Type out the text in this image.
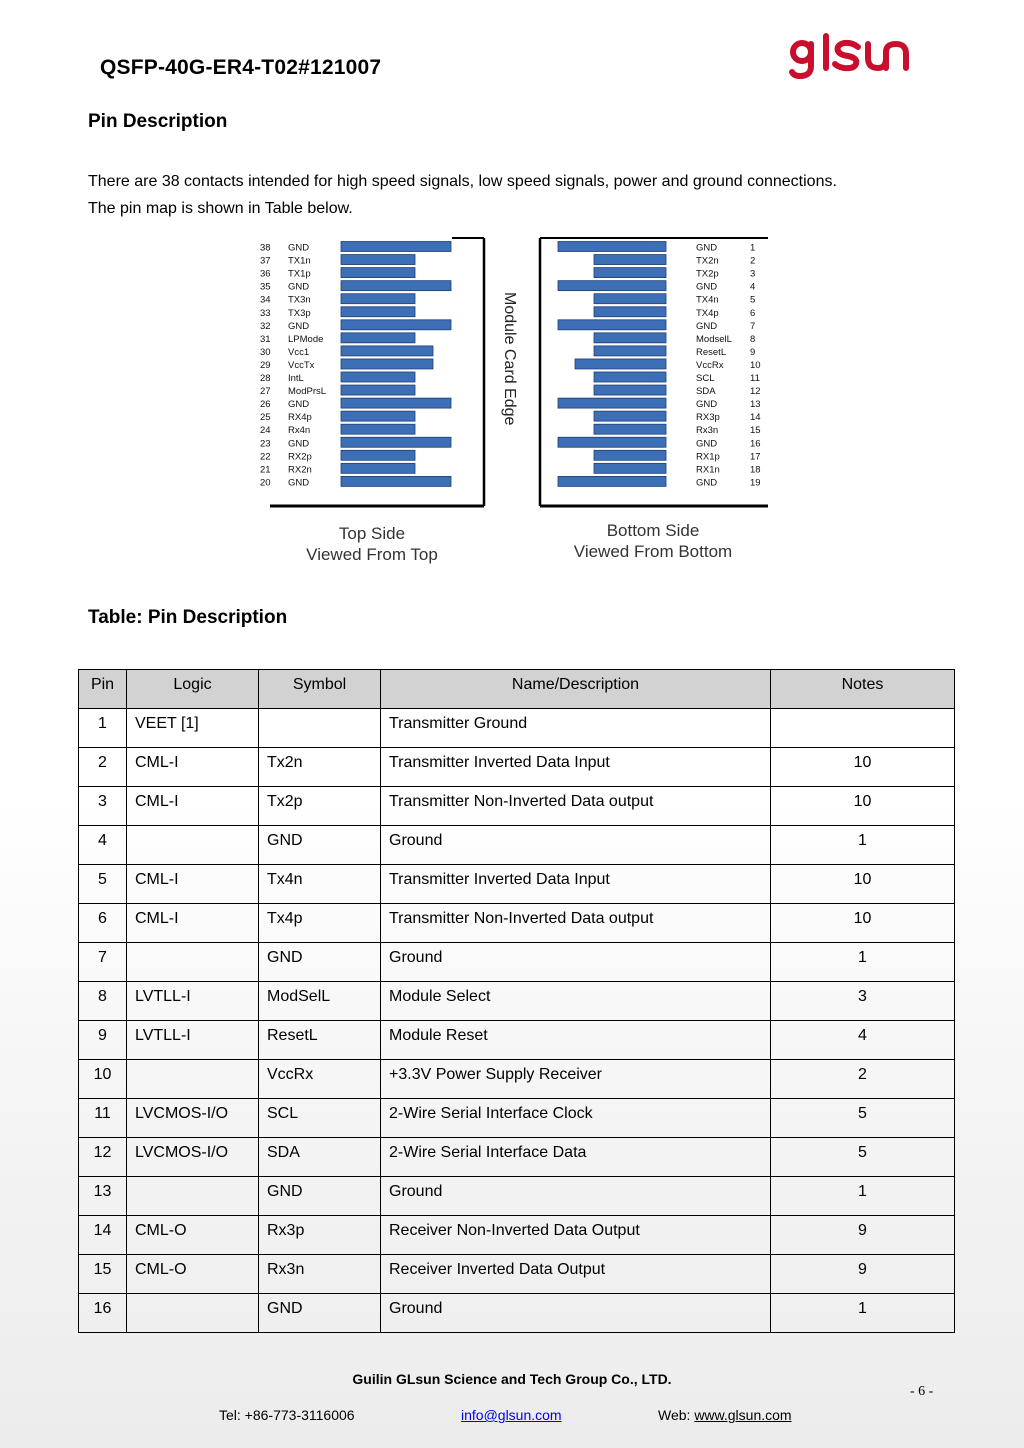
QSFP-40G-ER4-T02#121007
Pin Description

There are 38 contacts intended for high speed signals, low speed signals, power and ground connections.

The pin map is shown in Table below.

38 GND
37 TX1n
36 TX1p
35 GND
34 TX3n
33 TX3p
32 GND
31 LPMode
30 Vcc1
29 VccTx
28 IntL
27 ModPrsL
26 GND
25 RX4p
24 Rx4n
23 GND
22 RX2p
21 RX2n
20 GND
GND	1
TX2n	2
TX2p	3
GND	4
TX4n	5
TX4p	6
GND	7
ModselL 8
ResetL	9
VccRx	10
SCL	11
SDA	12
GND	13
RX3p	14
Rx3n	15
GND	16
RX1p	17
RX1n	18
GND	19
Module Card Edge
Top Side
Viewed From Top
Bottom Side
Viewed From Bottom
Table: Pin Description
Pin	Logic	Symbol	Name/Description	Notes
1	VEET [1]		Transmitter Ground	
2	CML-I	Tx2n	Transmitter Inverted Data Input	10
3	CML-I	Tx2p	Transmitter Non-Inverted Data output	10
4		GND	Ground	1
5	CML-I	Tx4n	Transmitter Inverted Data Input	10
6	CML-I	Tx4p	Transmitter Non-Inverted Data output	10
7		GND	Ground	1
8	LVTLL-I	ModSelL	Module Select	3
9	LVTLL-I	ResetL	Module Reset	4
10		VccRx	+3.3V Power Supply Receiver	2
11	LVCMOS-I/O	SCL	2-Wire Serial Interface Clock	5
12	LVCMOS-I/O	SDA	2-Wire Serial Interface Data	5
13		GND	Ground	1
14	CML-O	Rx3p	Receiver Non-Inverted Data Output	9
15	CML-O	Rx3n	Receiver Inverted Data Output	9
16		GND	Ground	1
Guilin GLsun Science and Tech Group Co., LTD.
- 6 -
Tel: +86-773-3116006	info@glsun.com	Web: www.glsun.com
